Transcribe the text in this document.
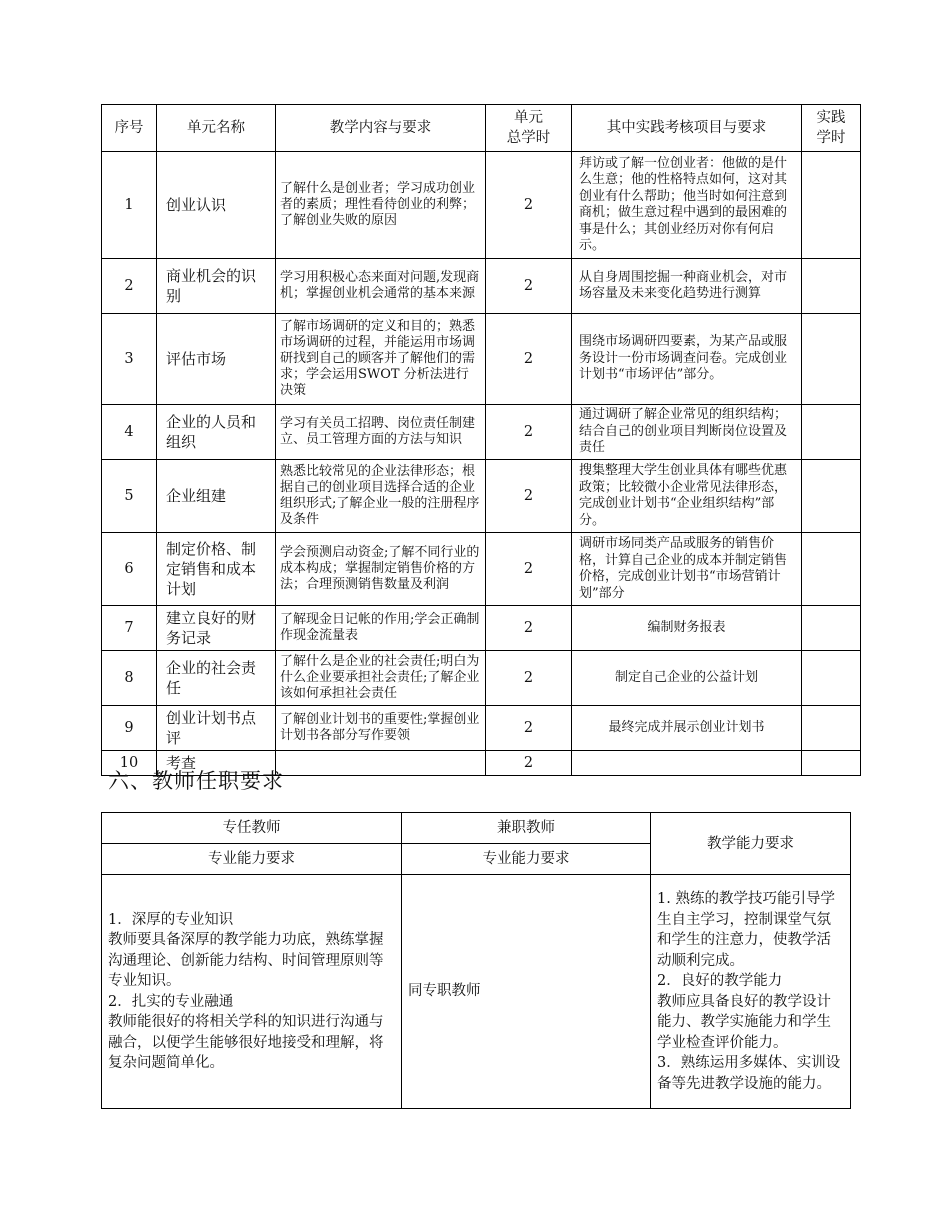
序号	单元名称	教学内容与要求	单元
总学时	其中实践考核项目与要求	实践
学时
1	创业认识	了解什么是创业者；学习成功创业者的素质；理性看待创业的利弊；了解创业失败的原因	2	拜访或了解一位创业者：他做的是什么生意；他的性格特点如何，这对其创业有什么帮助；他当时如何注意到商机；做生意过程中遇到的最困难的事是什么；其创业经历对你有何启示。	
2	商业机会的识别	学习用积极心态来面对问题,发现商机；掌握创业机会通常的基本来源	2	从自身周围挖掘一种商业机会，对市场容量及未来变化趋势进行测算	
3	评估市场	了解市场调研的定义和目的；熟悉市场调研的过程，并能运用市场调研找到自己的顾客并了解他们的需求；学会运用SWOT 分析法进行决策	2	围绕市场调研四要素，为某产品或服务设计一份市场调查问卷。完成创业计划书“市场评估”部分。	
4	企业的人员和组织	学习有关员工招聘、岗位责任制建立、员工管理方面的方法与知识	2	通过调研了解企业常见的组织结构；结合自己的创业项目判断岗位设置及责任	
5	企业组建	熟悉比较常见的企业法律形态；根据自己的创业项目选择合适的企业组织形式;了解企业一般的注册程序及条件	2	搜集整理大学生创业具体有哪些优惠政策；比较微小企业常见法律形态，完成创业计划书“企业组织结构”部分。	
6	制定价格、制定销售和成本计划	学会预测启动资金;了解不同行业的成本构成；掌握制定销售价格的方法；合理预测销售数量及利润	2	调研市场同类产品或服务的销售价格，计算自己企业的成本并制定销售价格，完成创业计划书“市场营销计划”部分	
7	建立良好的财务记录	了解现金日记帐的作用;学会正确制作现金流量表	2	编制财务报表	
8	企业的社会责任	了解什么是企业的社会责任;明白为什么企业要承担社会责任;了解企业该如何承担社会责任	2	制定自己企业的公益计划	
9	创业计划书点评	了解创业计划书的重要性;掌握创业计划书各部分写作要领	2	最终完成并展示创业计划书	
10	考查		2		
六、教师任职要求
专任教师	兼职教师	教学能力要求
专业能力要求	专业能力要求	
1．深厚的专业知识
教师要具备深厚的教学能力功底，熟练掌握沟通理论、创新能力结构、时间管理原则等专业知识。
2．扎实的专业融通
教师能很好的将相关学科的知识进行沟通与融合，以便学生能够很好地接受和理解，将复杂问题简单化。	同专职教师	1. 熟练的教学技巧能引导学生自主学习，控制课堂气氛和学生的注意力，使教学活动顺利完成。
2．良好的教学能力
教师应具备良好的教学设计能力、教学实施能力和学生学业检查评价能力。
3．熟练运用多媒体、实训设备等先进教学设施的能力。
